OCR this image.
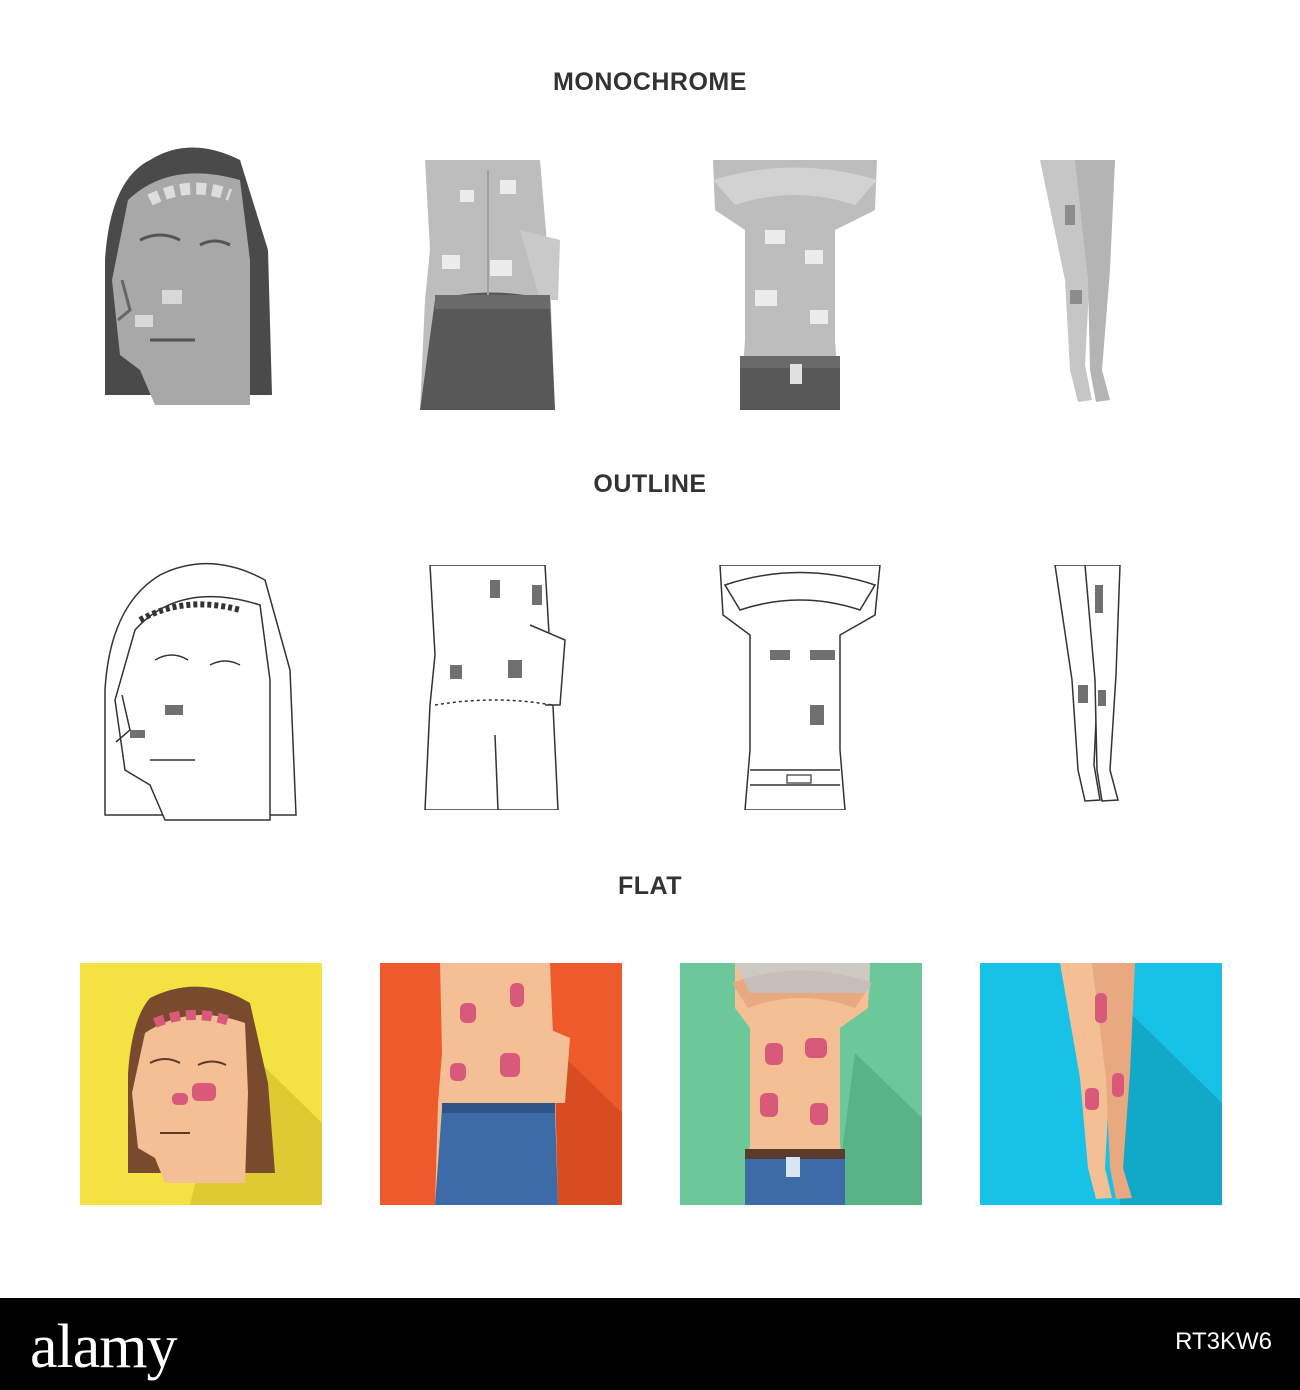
MONOCHROME
OUTLINE
FLAT
alamy	RT3KW6
